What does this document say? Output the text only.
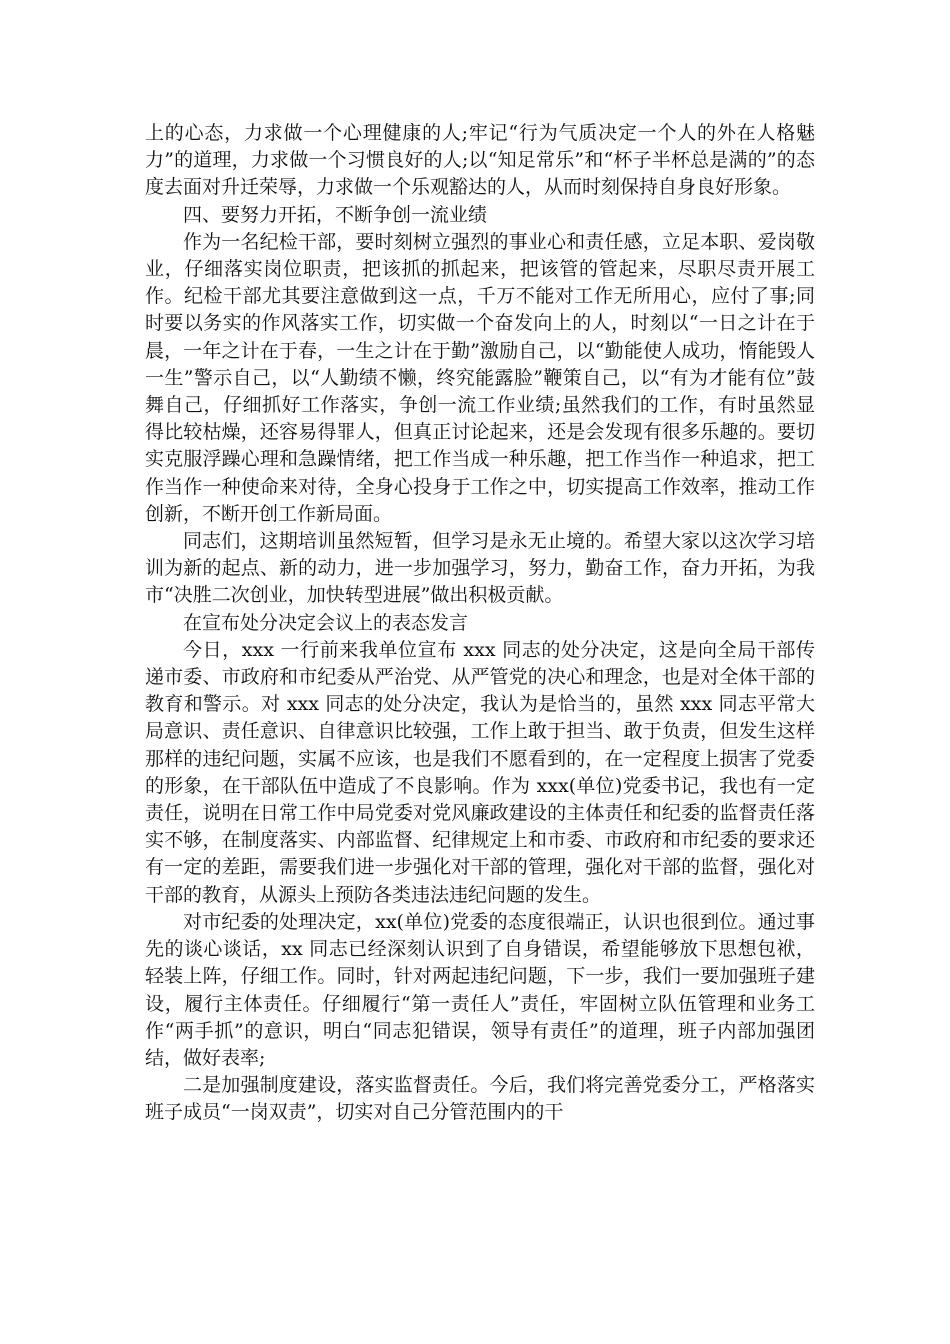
上的心态，力求做一个心理健康的人;牢记“行为气质决定一个人的外在人格魅力”的道理，力求做一个习惯良好的人;以“知足常乐”和“杯子半杯总是满的”的态度去面对升迁荣辱，力求做一个乐观豁达的人，从而时刻保持自身良好形象。

四、要努力开拓，不断争创一流业绩

作为一名纪检干部，要时刻树立强烈的事业心和责任感，立足本职、爱岗敬业，仔细落实岗位职责，把该抓的抓起来，把该管的管起来，尽职尽责开展工作。纪检干部尤其要注意做到这一点，千万不能对工作无所用心，应付了事;同时要以务实的作风落实工作，切实做一个奋发向上的人，时刻以“一日之计在于晨，一年之计在于春，一生之计在于勤”激励自己，以“勤能使人成功，惰能毁人一生”警示自己，以“人勤绩不懒，终究能露脸”鞭策自己，以“有为才能有位”鼓舞自己，仔细抓好工作落实，争创一流工作业绩;虽然我们的工作，有时虽然显得比较枯燥，还容易得罪人，但真正讨论起来，还是会发现有很多乐趣的。要切实克服浮躁心理和急躁情绪，把工作当成一种乐趣，把工作当作一种追求，把工作当作一种使命来对待，全身心投身于工作之中，切实提高工作效率，推动工作创新，不断开创工作新局面。

同志们，这期培训虽然短暂，但学习是永无止境的。希望大家以这次学习培训为新的起点、新的动力，进一步加强学习，努力，勤奋工作，奋力开拓，为我市“决胜二次创业，加快转型进展”做出积极贡献。

在宣布处分决定会议上的表态发言

今日，xxx 一行前来我单位宣布 xxx 同志的处分决定，这是向全局干部传递市委、市政府和市纪委从严治党、从严管党的决心和理念，也是对全体干部的教育和警示。对 xxx 同志的处分决定，我认为是恰当的，虽然 xxx 同志平常大局意识、责任意识、自律意识比较强，工作上敢于担当、敢于负责，但发生这样那样的违纪问题，实属不应该，也是我们不愿看到的，在一定程度上损害了党委的形象，在干部队伍中造成了不良影响。作为 xxx(单位)党委书记，我也有一定责任，说明在日常工作中局党委对党风廉政建设的主体责任和纪委的监督责任落实不够，在制度落实、内部监督、纪律规定上和市委、市政府和市纪委的要求还有一定的差距，需要我们进一步强化对干部的管理，强化对干部的监督，强化对干部的教育，从源头上预防各类违法违纪问题的发生。

对市纪委的处理决定，xx(单位)党委的态度很端正，认识也很到位。通过事先的谈心谈话，xx 同志已经深刻认识到了自身错误，希望能够放下思想包袱，轻装上阵，仔细工作。同时，针对两起违纪问题，下一步，我们一要加强班子建设，履行主体责任。仔细履行“第一责任人”责任，牢固树立队伍管理和业务工作“两手抓”的意识，明白“同志犯错误，领导有责任”的道理，班子内部加强团结，做好表率;

二是加强制度建设，落实监督责任。今后，我们将完善党委分工，严格落实班子成员“一岗双责”，切实对自己分管范围内的干
